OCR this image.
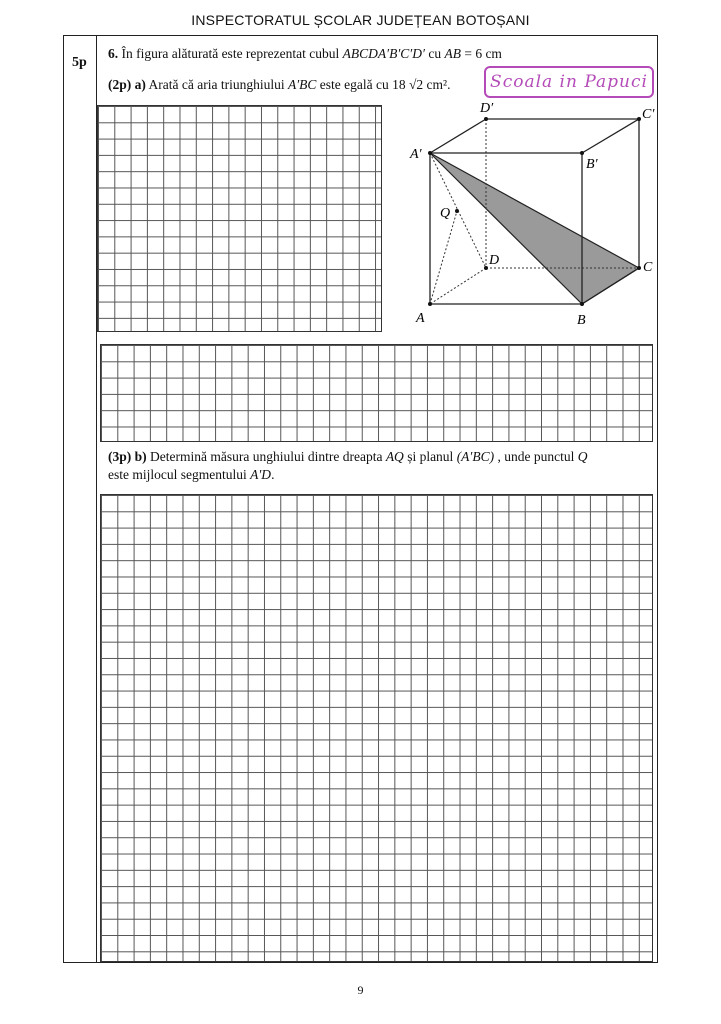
INSPECTORATUL ȘCOLAR JUDEȚEAN BOTOȘANI
5p
6. În figura alăturată este reprezentat cubul ABCDA′B′C′D′ cu AB = 6 cm
(2p) a) Arată că aria triunghiului A′BC este egală cu 18 √2 cm².	Scoala in Papuci
A′
B′
C′
D′
A	B
C
D
Q
(3p) b) Determină măsura unghiului dintre dreapta AQ și planul (A′BC) , unde punctul Q
este mijlocul segmentului A′D.
9
